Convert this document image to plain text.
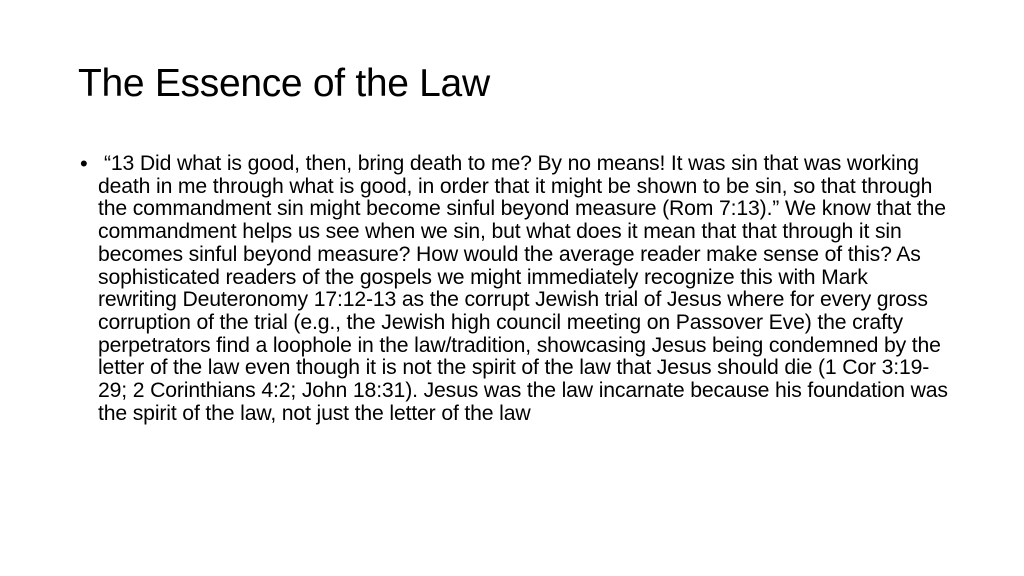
The Essence of the Law
• “13 Did what is good, then, bring death to me? By no means! It was sin that was working death in me through what is good, in order that it might be shown to be sin, so that through the commandment sin might become sinful beyond measure (Rom 7:13).” We know that the commandment helps us see when we sin, but what does it mean that that through it sin becomes sinful beyond measure? How would the average reader make sense of this? As sophisticated readers of the gospels we might immediately recognize this with Mark rewriting Deuteronomy 17:12-13 as the corrupt Jewish trial of Jesus where for every gross corruption of the trial (e.g., the Jewish high council meeting on Passover Eve) the crafty perpetrators find a loophole in the law/tradition, showcasing Jesus being condemned by the letter of the law even though it is not the spirit of the law that Jesus should die (1 Cor 3:19-29; 2 Corinthians 4:2; John 18:31). Jesus was the law incarnate because his foundation was the spirit of the law, not just the letter of the law
